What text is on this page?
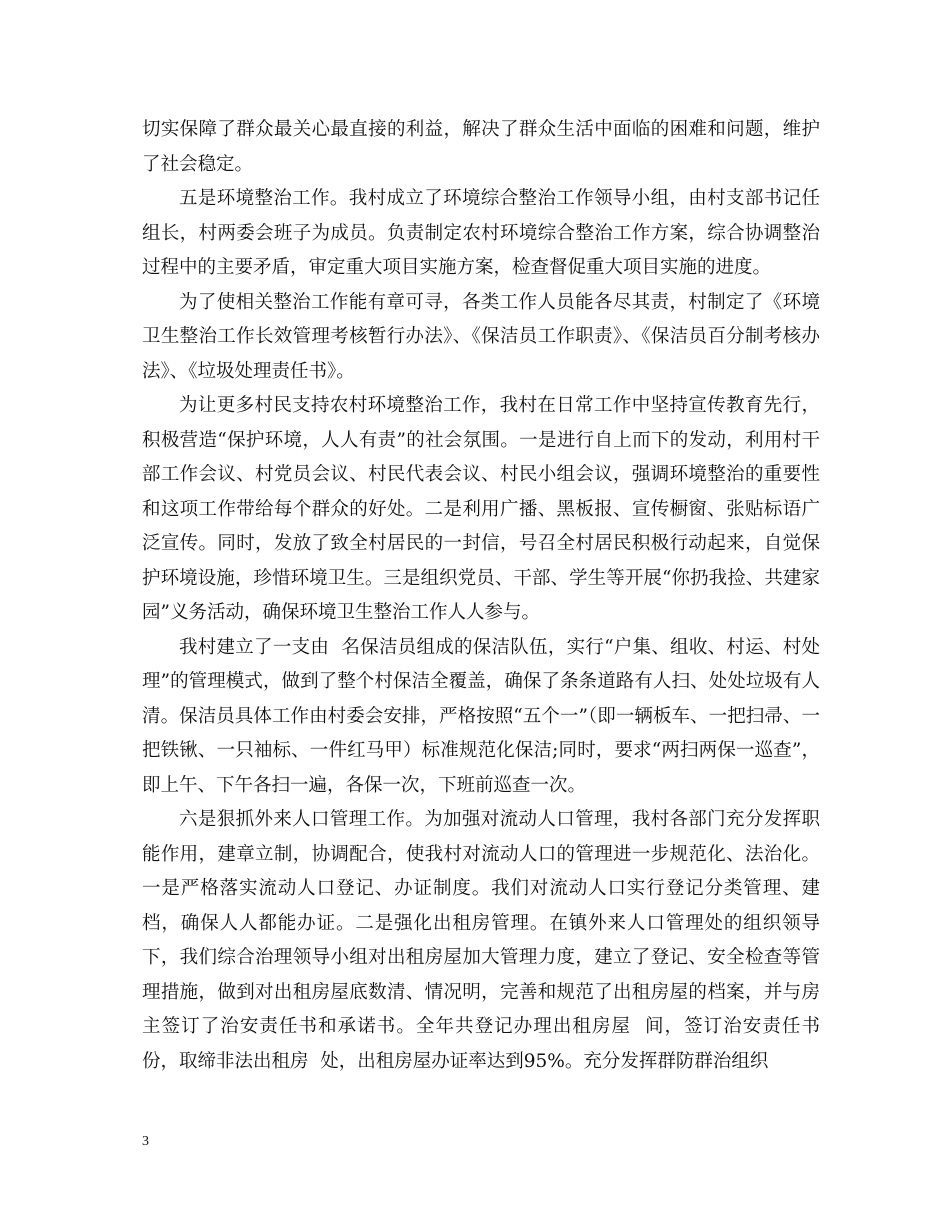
切实保障了群众最关心最直接的利益，解决了群众生活中面临的困难和问题，维护了社会稳定。

五是环境整治工作。我村成立了环境综合整治工作领导小组，由村支部书记任组长，村两委会班子为成员。负责制定农村环境综合整治工作方案，综合协调整治过程中的主要矛盾，审定重大项目实施方案，检查督促重大项目实施的进度。

为了使相关整治工作能有章可寻，各类工作人员能各尽其责，村制定了《环境卫生整治工作长效管理考核暂行办法》、《保洁员工作职责》、《保洁员百分制考核办法》、《垃圾处理责任书》。

为让更多村民支持农村环境整治工作，我村在日常工作中坚持宣传教育先行，积极营造“保护环境，人人有责”的社会氛围。一是进行自上而下的发动，利用村干部工作会议、村党员会议、村民代表会议、村民小组会议，强调环境整治的重要性和这项工作带给每个群众的好处。二是利用广播、黑板报、宣传橱窗、张贴标语广泛宣传。同时，发放了致全村居民的一封信，号召全村居民积极行动起来，自觉保护环境设施，珍惜环境卫生。三是组织党员、干部、学生等开展“你扔我捡、共建家园”义务活动，确保环境卫生整治工作人人参与。

我村建立了一支由  名保洁员组成的保洁队伍，实行“户集、组收、村运、村处理”的管理模式，做到了整个村保洁全覆盖，确保了条条道路有人扫、处处垃圾有人清。保洁员具体工作由村委会安排，严格按照“五个一”（即一辆板车、一把扫帚、一把铁锹、一只袖标、一件红马甲）标准规范化保洁;同时，要求“两扫两保一巡查”，即上午、下午各扫一遍，各保一次，下班前巡查一次。

六是狠抓外来人口管理工作。为加强对流动人口管理，我村各部门充分发挥职能作用，建章立制，协调配合，使我村对流动人口的管理进一步规范化、法治化。一是严格落实流动人口登记、办证制度。我们对流动人口实行登记分类管理、建档，确保人人都能办证。二是强化出租房管理。在镇外来人口管理处的组织领导下，我们综合治理领导小组对出租房屋加大管理力度，建立了登记、安全检查等管理措施，做到对出租房屋底数清、情况明，完善和规范了出租房屋的档案，并与房主签订了治安责任书和承诺书。全年共登记办理出租房屋  间，签订治安责任书  份，取缔非法出租房  处，出租房屋办证率达到95%。充分发挥群防群治组织

3
